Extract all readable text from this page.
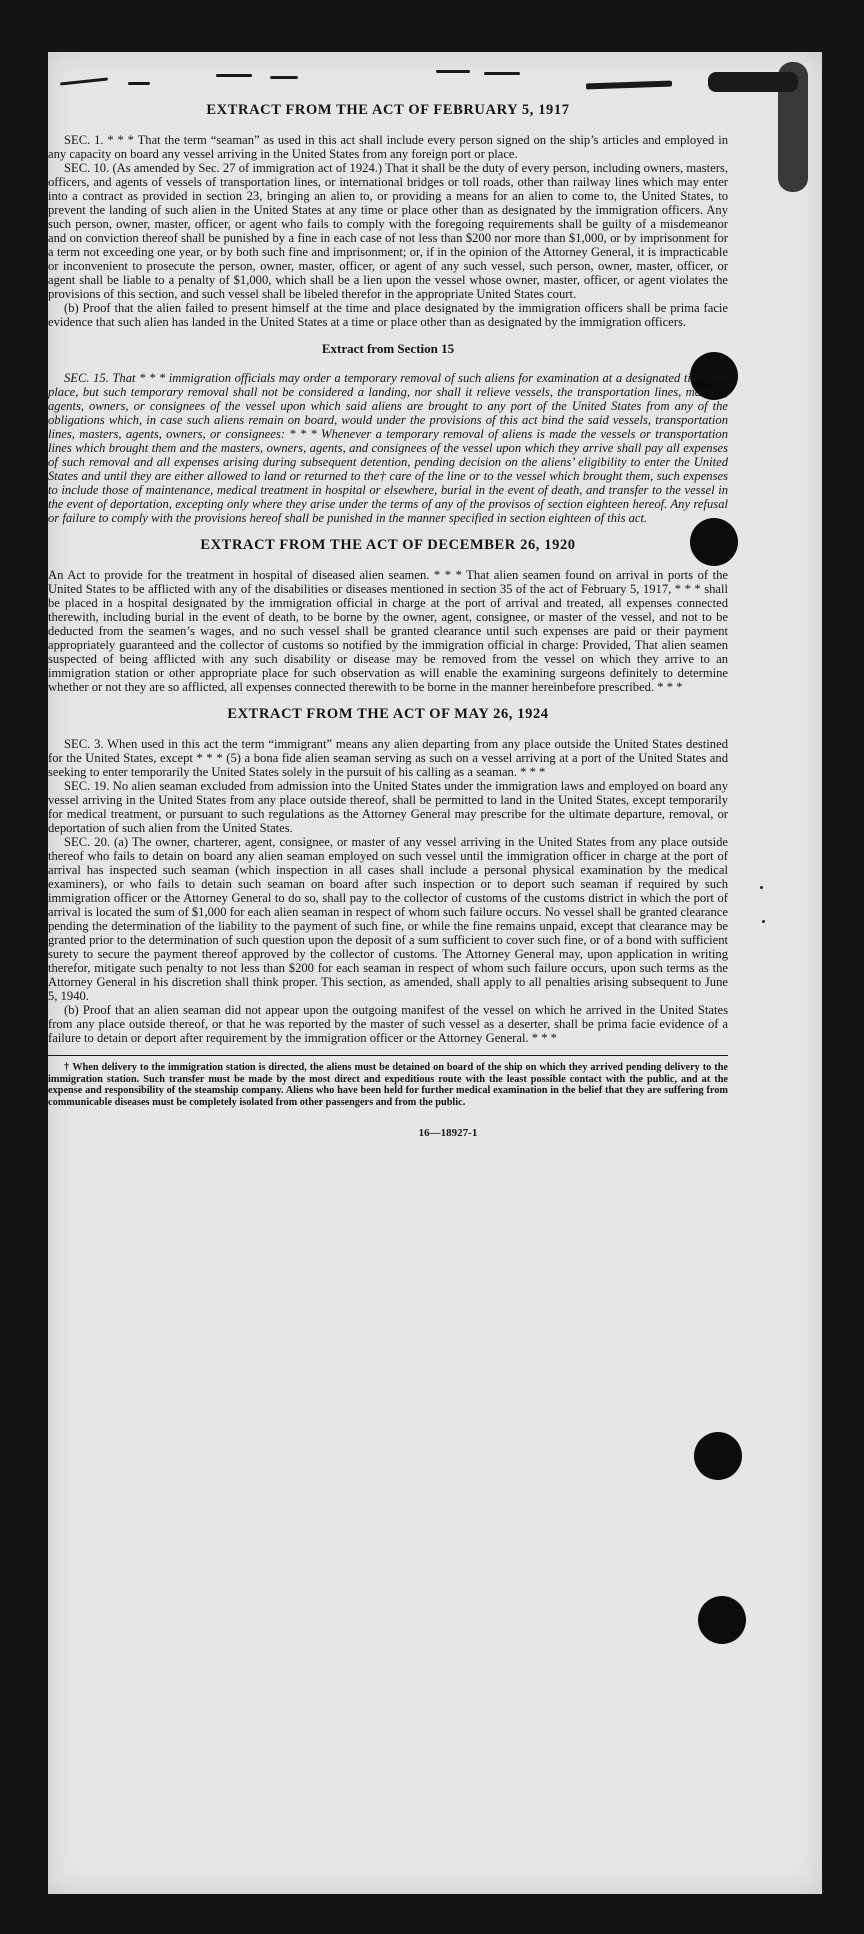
EXTRACT FROM THE ACT OF FEBRUARY 5, 1917

SEC. 1. * * * That the term “seaman” as used in this act shall include every person signed on the ship’s articles and employed in any capacity on board any vessel arriving in the United States from any foreign port or place.

SEC. 10. (As amended by Sec. 27 of immigration act of 1924.) That it shall be the duty of every person, including owners, masters, officers, and agents of vessels of transportation lines, or international bridges or toll roads, other than railway lines which may enter into a contract as provided in section 23, bringing an alien to, or providing a means for an alien to come to, the United States, to prevent the landing of such alien in the United States at any time or place other than as designated by the immigration officers. Any such person, owner, master, officer, or agent who fails to comply with the foregoing requirements shall be guilty of a misdemeanor and on conviction thereof shall be punished by a fine in each case of not less than $200 nor more than $1,000, or by imprisonment for a term not exceeding one year, or by both such fine and imprisonment; or, if in the opinion of the Attorney General, it is impracticable or inconvenient to prosecute the person, owner, master, officer, or agent of any such vessel, such person, owner, master, officer, or agent shall be liable to a penalty of $1,000, which shall be a lien upon the vessel whose owner, master, officer, or agent violates the provisions of this section, and such vessel shall be libeled therefor in the appropriate United States court.

(b) Proof that the alien failed to present himself at the time and place designated by the immigration officers shall be prima facie evidence that such alien has landed in the United States at a time or place other than as designated by the immigration officers.

Extract from Section 15

SEC. 15. That * * * immigration officials may order a temporary removal of such aliens for examination at a designated time and place, but such temporary removal shall not be considered a landing, nor shall it relieve vessels, the transportation lines, masters, agents, owners, or consignees of the vessel upon which said aliens are brought to any port of the United States from any of the obligations which, in case such aliens remain on board, would under the provisions of this act bind the said vessels, transportation lines, masters, agents, owners, or consignees: * * * Whenever a temporary removal of aliens is made the vessels or transportation lines which brought them and the masters, owners, agents, and consignees of the vessel upon which they arrive shall pay all expenses of such removal and all expenses arising during subsequent detention, pending decision on the aliens’ eligibility to enter the United States and until they are either allowed to land or returned to the† care of the line or to the vessel which brought them, such expenses to include those of maintenance, medical treatment in hospital or elsewhere, burial in the event of death, and transfer to the vessel in the event of deportation, excepting only where they arise under the terms of any of the provisos of section eighteen hereof. Any refusal or failure to comply with the provisions hereof shall be punished in the manner specified in section eighteen of this act.

EXTRACT FROM THE ACT OF DECEMBER 26, 1920

An Act to provide for the treatment in hospital of diseased alien seamen. * * * That alien seamen found on arrival in ports of the United States to be afflicted with any of the disabilities or diseases mentioned in section 35 of the act of February 5, 1917, * * * shall be placed in a hospital designated by the immigration official in charge at the port of arrival and treated, all expenses connected therewith, including burial in the event of death, to be borne by the owner, agent, consignee, or master of the vessel, and not to be deducted from the seamen’s wages, and no such vessel shall be granted clearance until such expenses are paid or their payment appropriately guaranteed and the collector of customs so notified by the immigration official in charge: Provided, That alien seamen suspected of being afflicted with any such disability or disease may be removed from the vessel on which they arrive to an immigration station or other appropriate place for such observation as will enable the examining surgeons definitely to determine whether or not they are so afflicted, all expenses connected therewith to be borne in the manner hereinbefore prescribed. * * *

EXTRACT FROM THE ACT OF MAY 26, 1924

SEC. 3. When used in this act the term “immigrant” means any alien departing from any place outside the United States destined for the United States, except * * * (5) a bona fide alien seaman serving as such on a vessel arriving at a port of the United States and seeking to enter temporarily the United States solely in the pursuit of his calling as a seaman. * * *

SEC. 19. No alien seaman excluded from admission into the United States under the immigration laws and employed on board any vessel arriving in the United States from any place outside thereof, shall be permitted to land in the United States, except temporarily for medical treatment, or pursuant to such regulations as the Attorney General may prescribe for the ultimate departure, removal, or deportation of such alien from the United States.

SEC. 20. (a) The owner, charterer, agent, consignee, or master of any vessel arriving in the United States from any place outside thereof who fails to detain on board any alien seaman employed on such vessel until the immigration officer in charge at the port of arrival has inspected such seaman (which inspection in all cases shall include a personal physical examination by the medical examiners), or who fails to detain such seaman on board after such inspection or to deport such seaman if required by such immigration officer or the Attorney General to do so, shall pay to the collector of customs of the customs district in which the port of arrival is located the sum of $1,000 for each alien seaman in respect of whom such failure occurs. No vessel shall be granted clearance pending the determination of the liability to the payment of such fine, or while the fine remains unpaid, except that clearance may be granted prior to the determination of such question upon the deposit of a sum sufficient to cover such fine, or of a bond with sufficient surety to secure the payment thereof approved by the collector of customs. The Attorney General may, upon application in writing therefor, mitigate such penalty to not less than $200 for each seaman in respect of whom such failure occurs, upon such terms as the Attorney General in his discretion shall think proper. This section, as amended, shall apply to all penalties arising subsequent to June 5, 1940.

(b) Proof that an alien seaman did not appear upon the outgoing manifest of the vessel on which he arrived in the United States from any place outside thereof, or that he was reported by the master of such vessel as a deserter, shall be prima facie evidence of a failure to detain or deport after requirement by the immigration officer or the Attorney General. * * *

† When delivery to the immigration station is directed, the aliens must be detained on board of the ship on which they arrived pending delivery to the immigration station. Such transfer must be made by the most direct and expeditious route with the least possible contact with the public, and at the expense and responsibility of the steamship company. Aliens who have been held for further medical examination in the belief that they are suffering from communicable diseases must be completely isolated from other passengers and from the public.

16—18927-1
